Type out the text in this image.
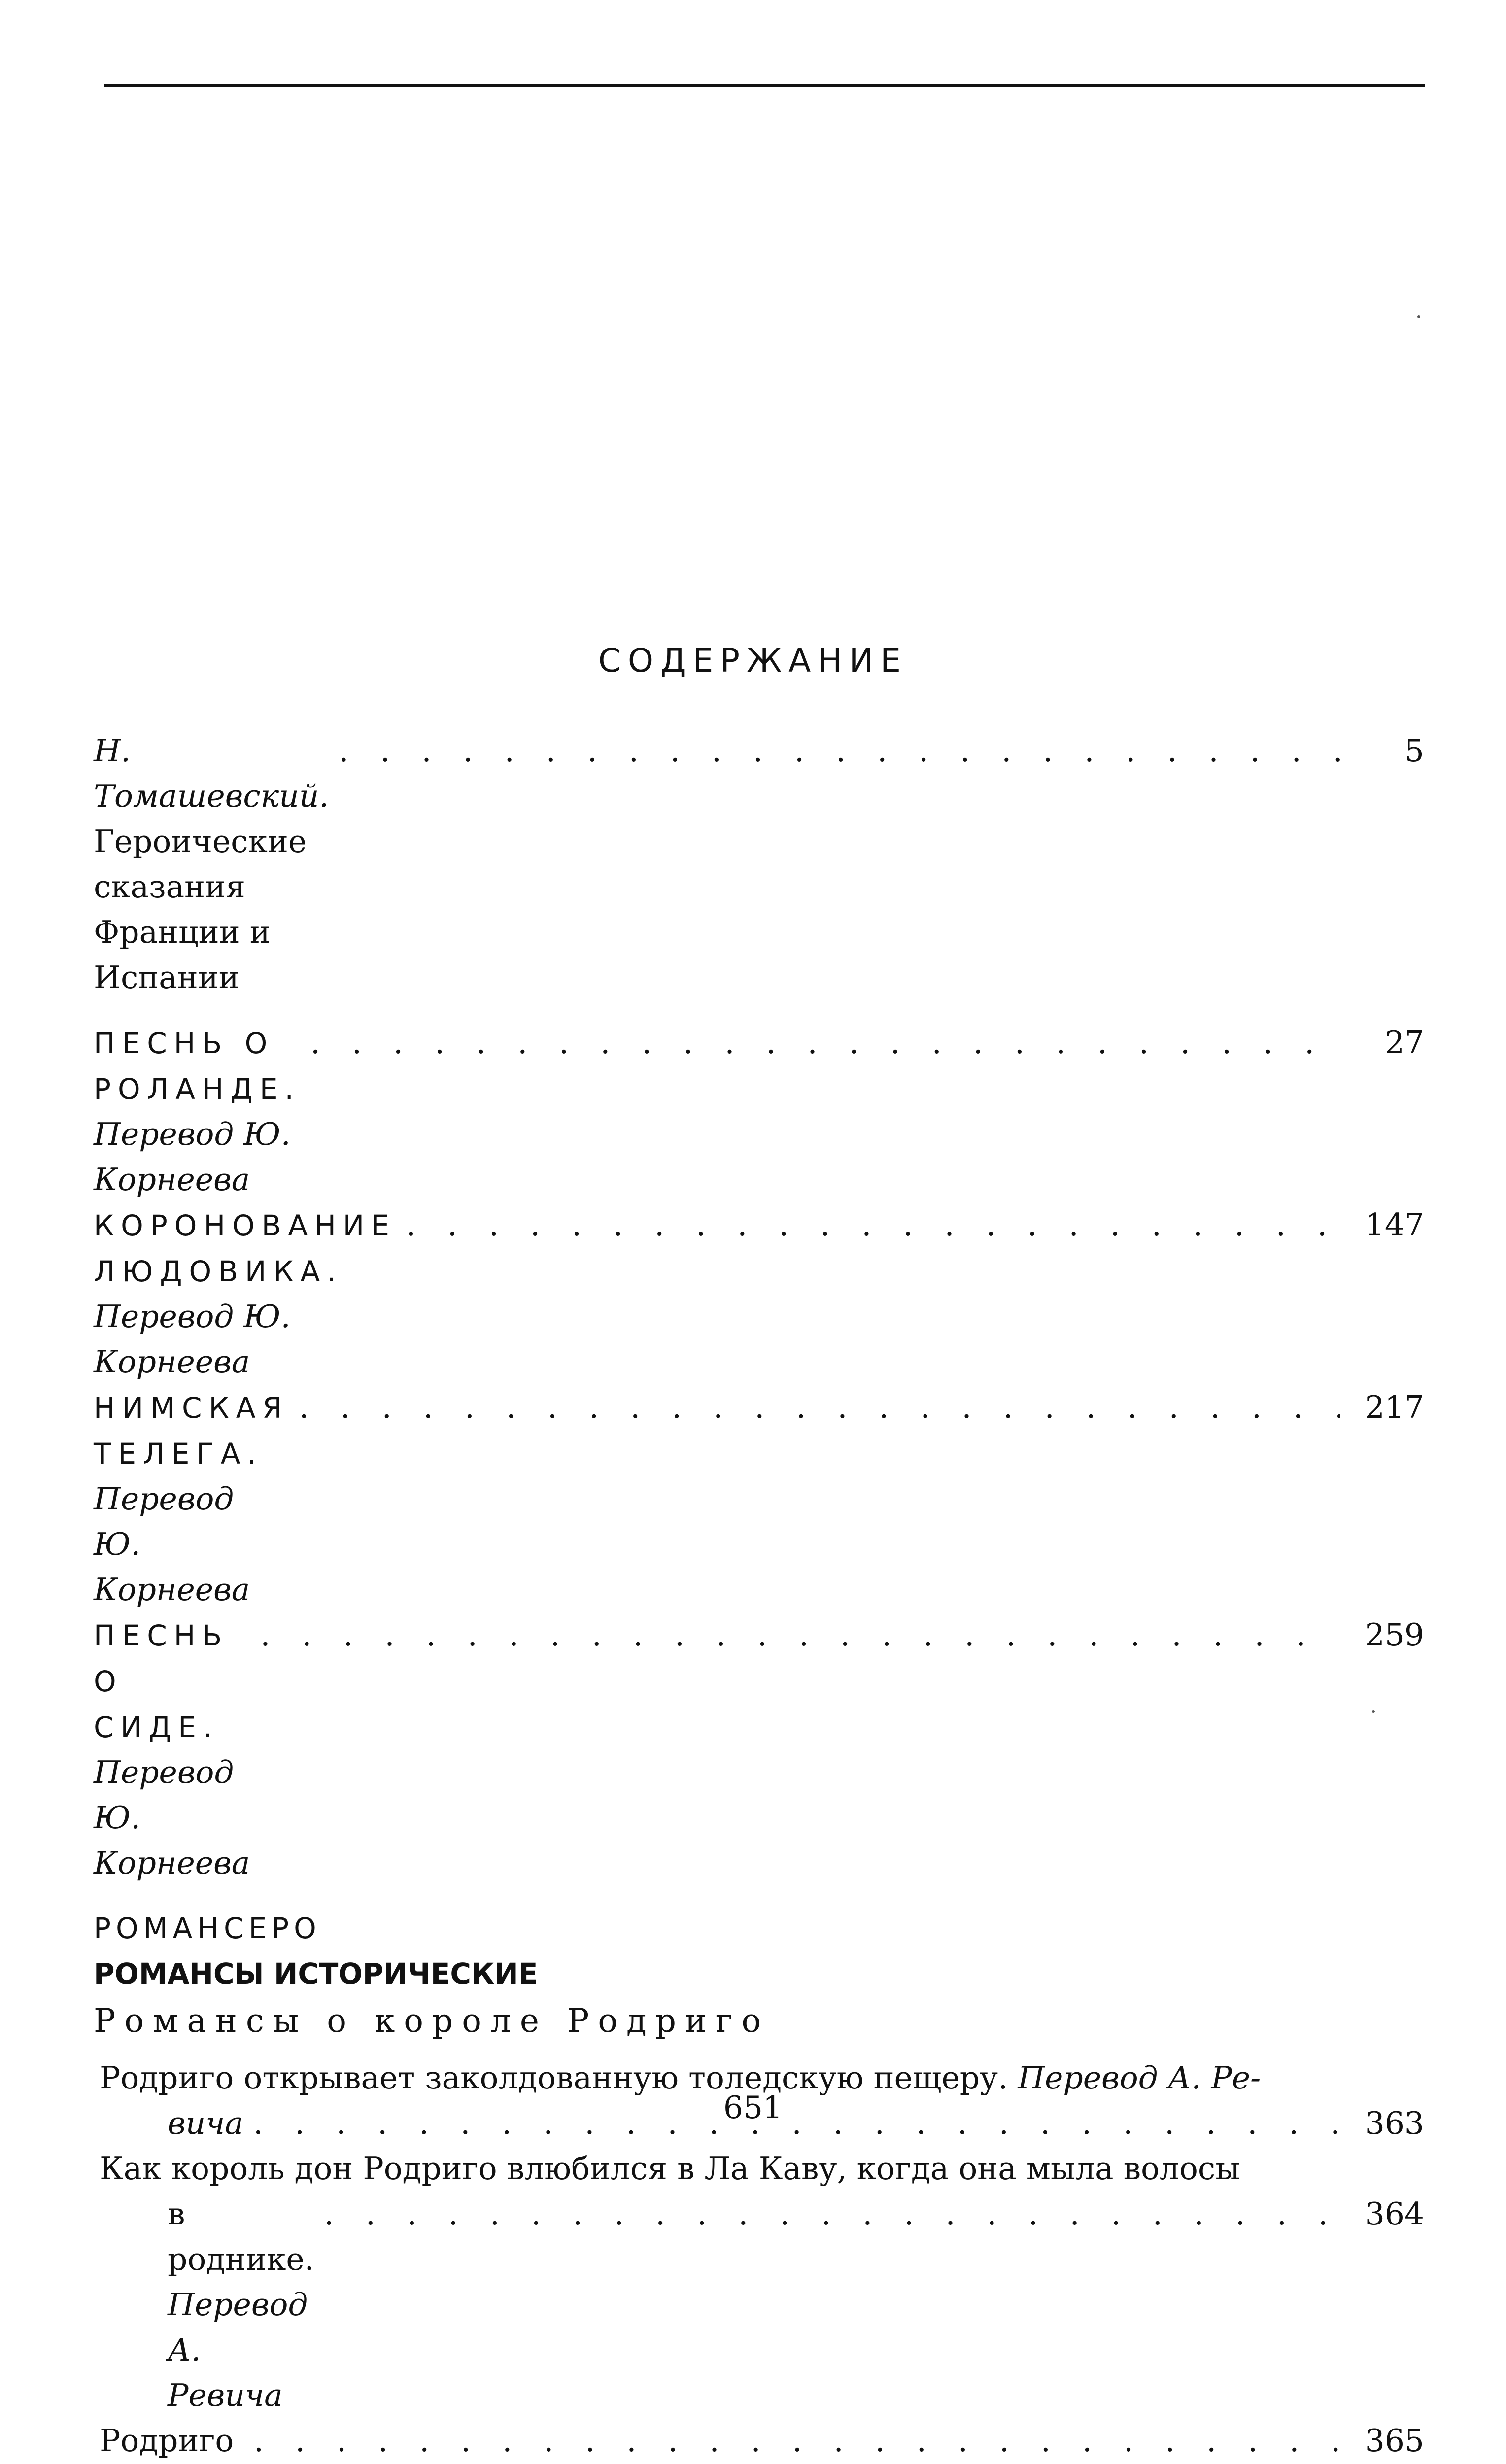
СОДЕРЖАНИЕ
Н. Томашевский. Героические сказания Франции и Испании
. . .
5
ПЕСНЬ О РОЛАНДЕ. Перевод Ю. Корнеева
. . .
27
КОРОНОВАНИЕ ЛЮДОВИКА. Перевод Ю. Корнеева
. . .
147
НИМСКАЯ ТЕЛЕГА. Перевод Ю. Корнеева
. . .
217
ПЕСНЬ О СИДЕ. Перевод Ю. Корнеева
. . .
259
РОМАНСЕРО
РОМАНСЫ ИСТОРИЧЕСКИЕ
Романсы о короле Родриго
Родриго открывает заколдованную толедскую пещеру. Перевод А. Ре-
вича . . .	363
Как король дон Родриго влюбился в Ла Каву, когда она мыла волосы
в роднике. Перевод А. Ревича
. . .
364
Родриго . . .	365
651
